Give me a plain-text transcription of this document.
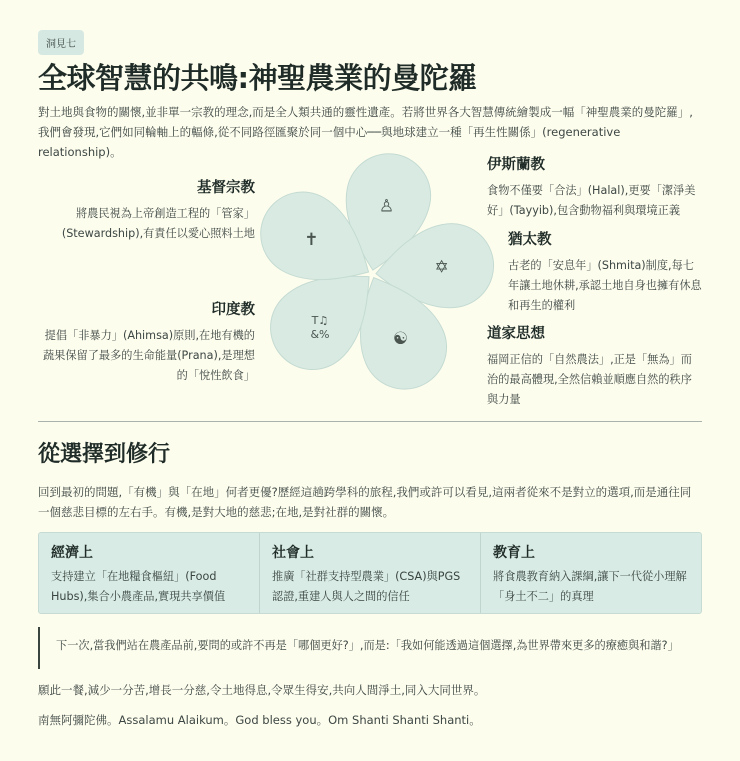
洞見七
全球智慧的共鳴:神聖農業的曼陀羅
對土地與食物的關懷,並非單一宗教的理念,而是全人類共通的靈性遺產。若將世界各大智慧傳統繪製成一幅「神聖農業的曼陀羅」,我們會發現,它們如同輪軸上的輻條,從不同路徑匯聚於同一個中心──與地球建立一種「再生性關係」(regenerative relationship)。
♙
✡
☯
T♫
&%
✝
基督宗教
將農民視為上帝創造工程的「管家」(Stewardship),有責任以愛心照料土地
印度教
提倡「非暴力」(Ahimsa)原則,在地有機的蔬果保留了最多的生命能量(Prana),是理想的「悅性飲食」
伊斯蘭教
食物不僅要「合法」(Halal),更要「潔淨美好」(Tayyib),包含動物福利與環境正義
猶太教
古老的「安息年」(Shmita)制度,每七年讓土地休耕,承認土地自身也擁有休息和再生的權利
道家思想
福岡正信的「自然農法」,正是「無為」而治的最高體現,全然信賴並順應自然的秩序與力量
從選擇到修行
回到最初的問題,「有機」與「在地」何者更優?歷經這趟跨學科的旅程,我們或許可以看見,這兩者從來不是對立的選項,而是通往同一個慈悲目標的左右手。有機,是對大地的慈悲;在地,是對社群的關懷。
經濟上
支持建立「在地糧食樞紐」(Food Hubs),集合小農產品,實現共享價值
社會上
推廣「社群支持型農業」(CSA)與PGS認證,重建人與人之間的信任
教育上
將食農教育納入課綱,讓下一代從小理解「身土不二」的真理
下一次,當我們站在農產品前,要問的或許不再是「哪個更好?」,而是:「我如何能透過這個選擇,為世界帶來更多的療癒與和諧?」
願此一餐,減少一分苦,增長一分慈,令土地得息,令眾生得安,共向人間淨土,同入大同世界。
南無阿彌陀佛。Assalamu Alaikum。God bless you。Om Shanti Shanti Shanti。
